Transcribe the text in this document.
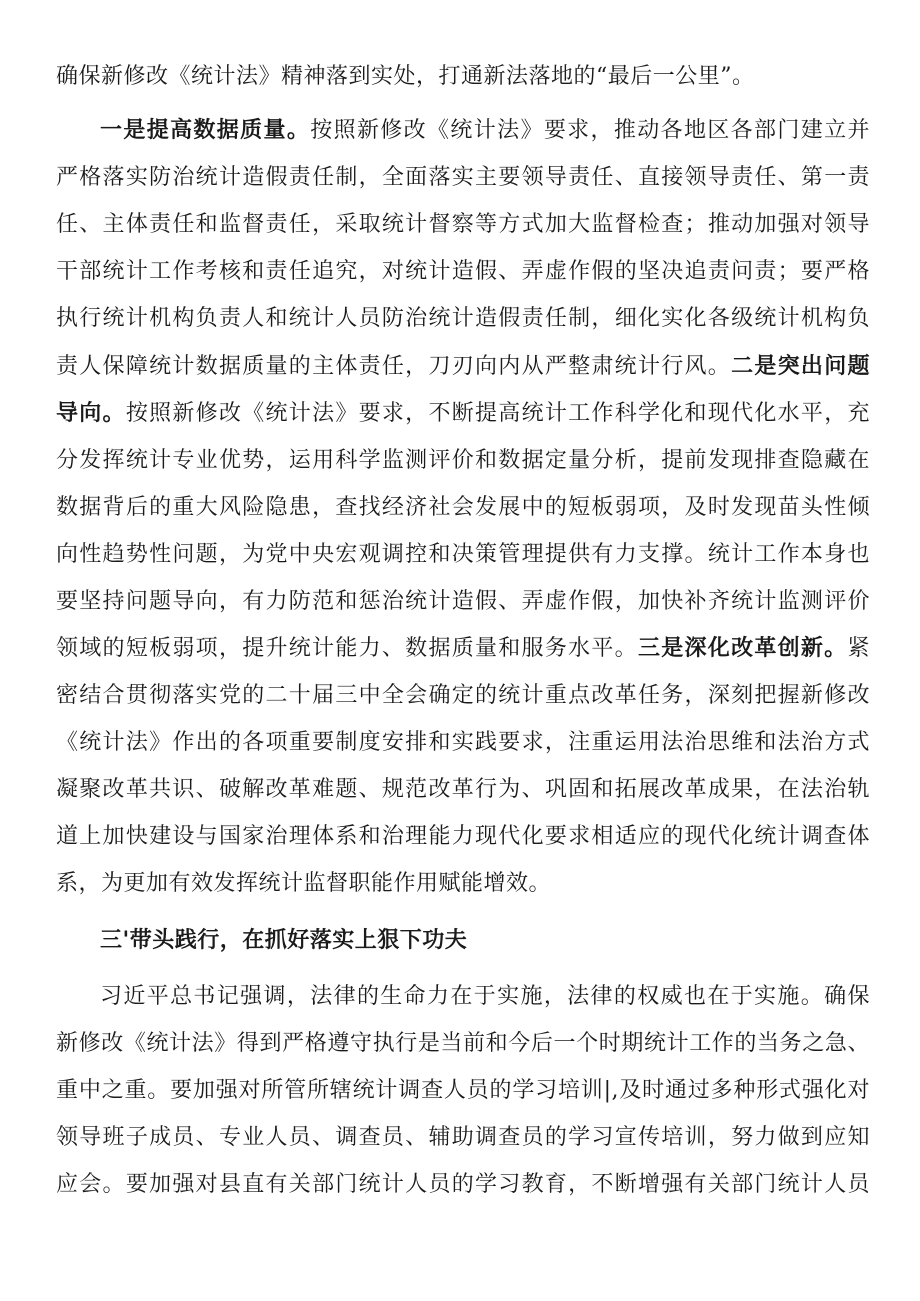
确保新修改《统计法》精神落到实处，打通新法落地的“最后一公里”。
一是提高数据质量。按照新修改《统计法》要求，推动各地区各部门建立并
严格落实防治统计造假责任制，全面落实主要领导责任、直接领导责任、第一责
任、主体责任和监督责任，采取统计督察等方式加大监督检查；推动加强对领导
干部统计工作考核和责任追究，对统计造假、弄虚作假的坚决追责问责；要严格
执行统计机构负责人和统计人员防治统计造假责任制，细化实化各级统计机构负
责人保障统计数据质量的主体责任，刀刃向内从严整肃统计行风。二是突出问题
导向。按照新修改《统计法》要求，不断提高统计工作科学化和现代化水平，充
分发挥统计专业优势，运用科学监测评价和数据定量分析，提前发现排查隐藏在
数据背后的重大风险隐患，查找经济社会发展中的短板弱项，及时发现苗头性倾
向性趋势性问题，为党中央宏观调控和决策管理提供有力支撑。统计工作本身也
要坚持问题导向，有力防范和惩治统计造假、弄虚作假，加快补齐统计监测评价
领域的短板弱项，提升统计能力、数据质量和服务水平。三是深化改革创新。紧
密结合贯彻落实党的二十届三中全会确定的统计重点改革任务，深刻把握新修改
《统计法》作出的各项重要制度安排和实践要求，注重运用法治思维和法治方式
凝聚改革共识、破解改革难题、规范改革行为、巩固和拓展改革成果，在法治轨
道上加快建设与国家治理体系和治理能力现代化要求相适应的现代化统计调查体
系，为更加有效发挥统计监督职能作用赋能增效。
三'带头践行，在抓好落实上狠下功夫
习近平总书记强调，法律的生命力在于实施，法律的权威也在于实施。确保
新修改《统计法》得到严格遵守执行是当前和今后一个时期统计工作的当务之急、
重中之重。要加强对所管所辖统计调查人员的学习培训|,及时通过多种形式强化对
领导班子成员、专业人员、调查员、辅助调查员的学习宣传培训，努力做到应知
应会。要加强对县直有关部门统计人员的学习教育，不断增强有关部门统计人员
